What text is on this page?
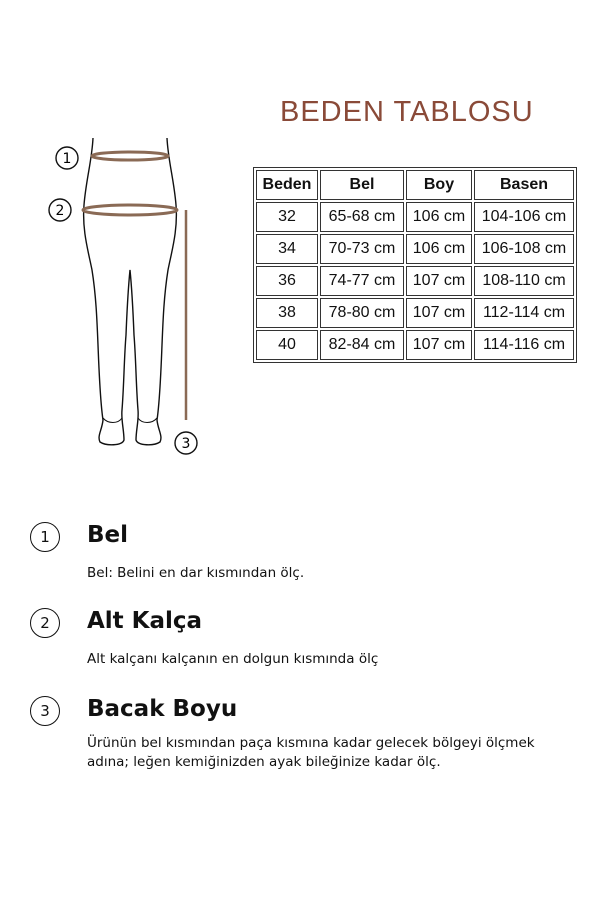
BEDEN TABLOSU
1
2
3
Beden	Bel	Boy	Basen
32	65-68 cm	106 cm	104-106 cm
34	70-73 cm	106 cm	106-108 cm
36	74-77 cm	107 cm	108-110 cm
38	78-80 cm	107 cm	112-114 cm
40	82-84 cm	107 cm	114-116 cm
1	Bel
Bel: Belini en dar kısmından ölç.
2	Alt Kalça
Alt kalçanı kalçanın en dolgun kısmında ölç
3	Bacak Boyu
Ürünün bel kısmından paça kısmına kadar gelecek bölgeyi ölçmek adına; leğen kemiğinizden ayak bileğinize kadar ölç.
